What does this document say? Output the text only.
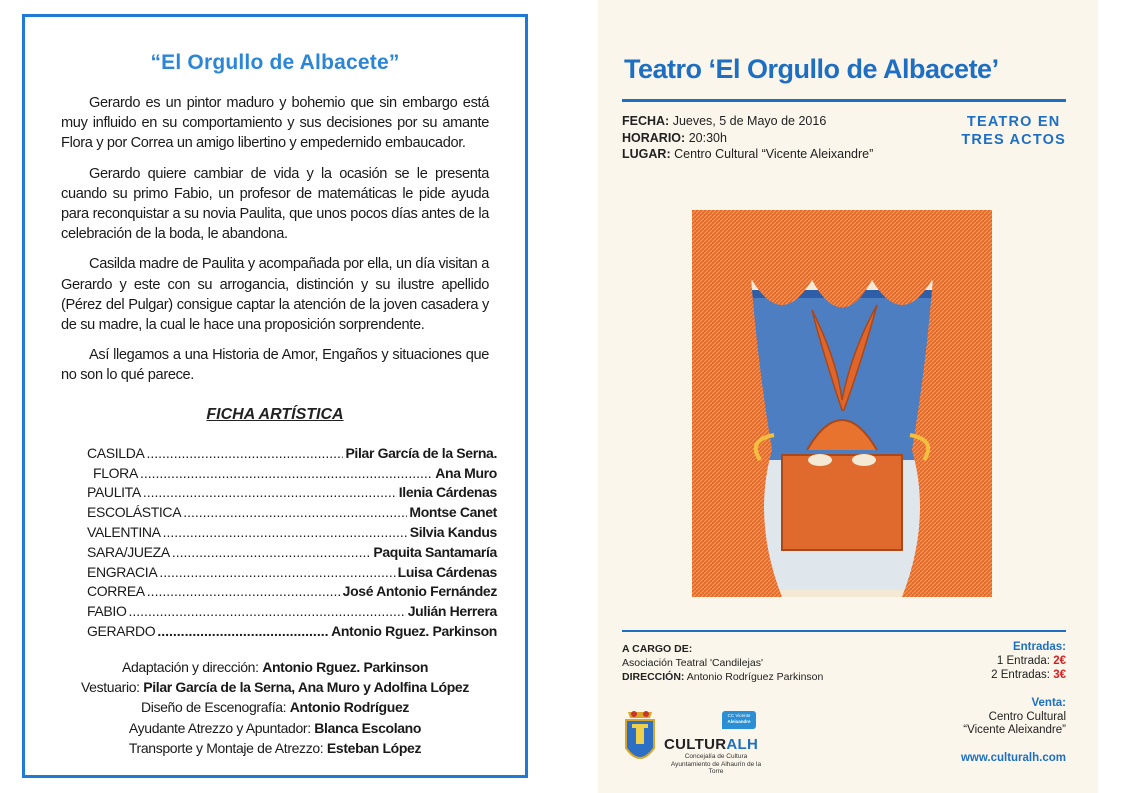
“El Orgullo de Albacete”

Gerardo es un pintor maduro y bohemio que sin embargo está muy influido en su comportamiento y sus decisiones por su amante Flora y por Correa un amigo libertino y empedernido embaucador.

Gerardo quiere cambiar de vida y la ocasión se le presenta cuando su primo Fabio, un profesor de matemáticas le pide ayuda para reconquistar a su novia Paulita, que unos pocos días antes de la celebración de la boda, le abandona.

Casilda madre de Paulita y acompañada por ella, un día visitan a Gerardo y este con su arrogancia, distinción y su ilustre apellido (Pérez del Pulgar) consigue captar la atención de la joven casadera y de su madre, la cual le hace una proposición sorprendente.

Así llegamos a una Historia de Amor, Engaños y situaciones que no son lo qué parece.

FICHA ARTÍSTICA
CASILDA .....	Pilar García de la Serna.
FLORA .....	Ana Muro
PAULITA .....	Ilenia Cárdenas
ESCOLÁSTICA .....	Montse Canet
VALENTINA .....	Silvia Kandus
SARA/JUEZA .....	Paquita Santamaría
ENGRACIA .....	Luisa Cárdenas
CORREA .....	José Antonio Fernández
FABIO .....	Julián Herrera
GERARDO .....	Antonio Rguez. Parkinson
Adaptación y dirección: Antonio Rguez. Parkinson
Vestuario: Pilar García de la Serna, Ana Muro y Adolfina López
Diseño de Escenografía: Antonio Rodríguez
Ayudante Atrezzo y Apuntador: Blanca Escolano
Transporte y Montaje de Atrezzo: Esteban López
Teatro ‘El Orgullo de Albacete’
FECHA: Jueves, 5 de Mayo de 2016
HORARIO: 20:30h
LUGAR: Centro Cultural “Vicente Aleixandre”
TEATRO EN
TRES ACTOS
A CARGO DE:
Asociación Teatral 'Candilejas'
DIRECCIÓN: Antonio Rodríguez Parkinson
Entradas:
1 Entrada: 2€
2 Entradas: 3€
Venta:
Centro Cultural
“Vicente Aleixandre”
www.culturalh.com
CULTURALH
Concejalía de Cultura
Ayuntamiento de Alhaurín de la Torre
CC Vicente
Aleixandre
